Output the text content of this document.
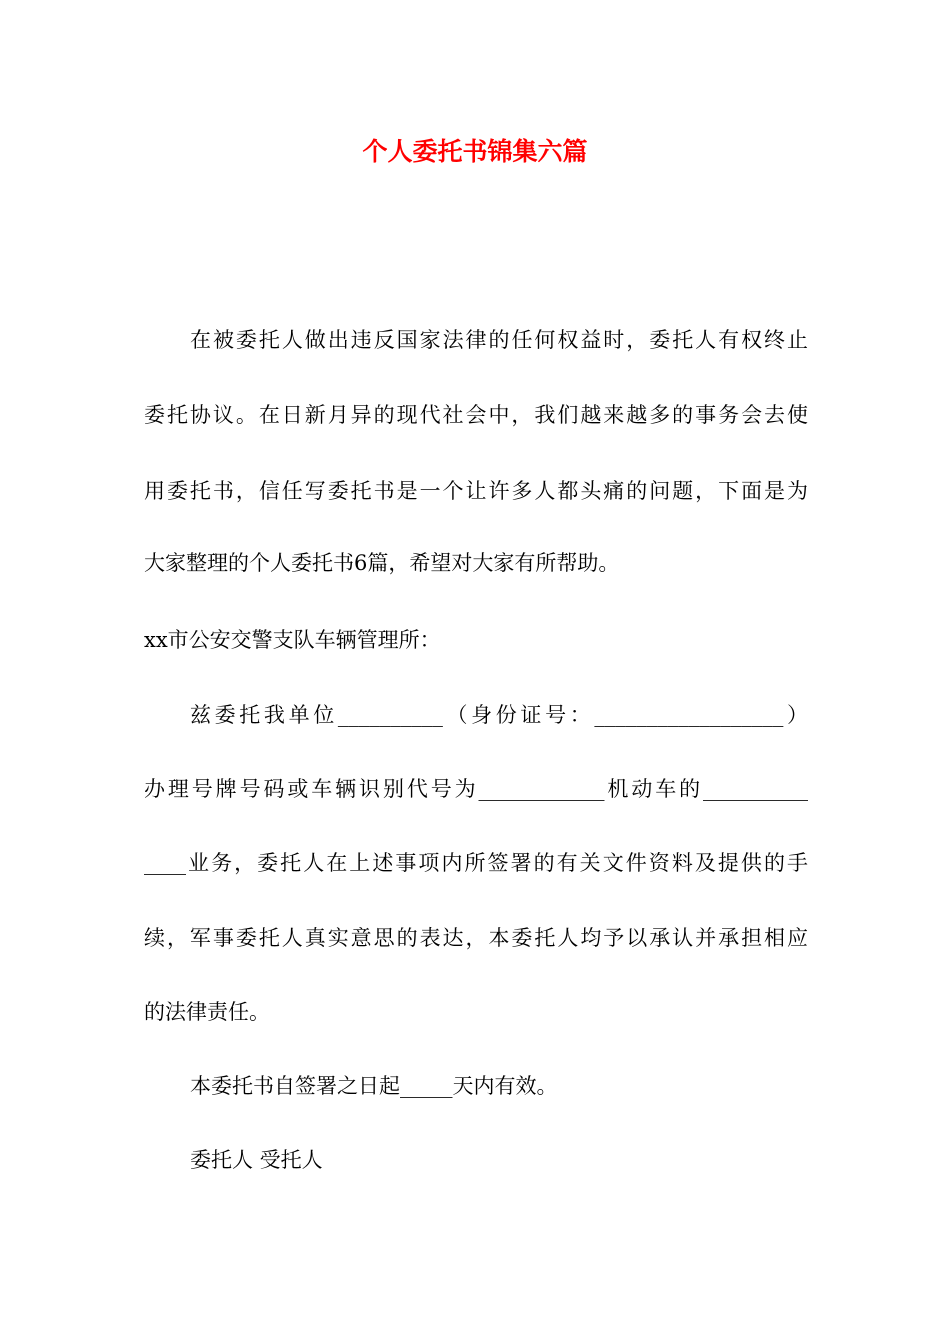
个人委托书锦集六篇
在被委托人做出违反国家法律的任何权益时，委托人有权终止
委托协议。在日新月异的现代社会中，我们越来越多的事务会去使
用委托书，信任写委托书是一个让许多人都头痛的问题，下面是为
大家整理的个人委托书6篇，希望对大家有所帮助。
xx市公安交警支队车辆管理所：
兹委托我单位__________（身份证号：__________________）
办理号牌号码或车辆识别代号为____________机动车的__________
____业务，委托人在上述事项内所签署的有关文件资料及提供的手
续，军事委托人真实意思的表达，本委托人均予以承认并承担相应
的法律责任。
本委托书自签署之日起_____天内有效。
委托人 受托人
